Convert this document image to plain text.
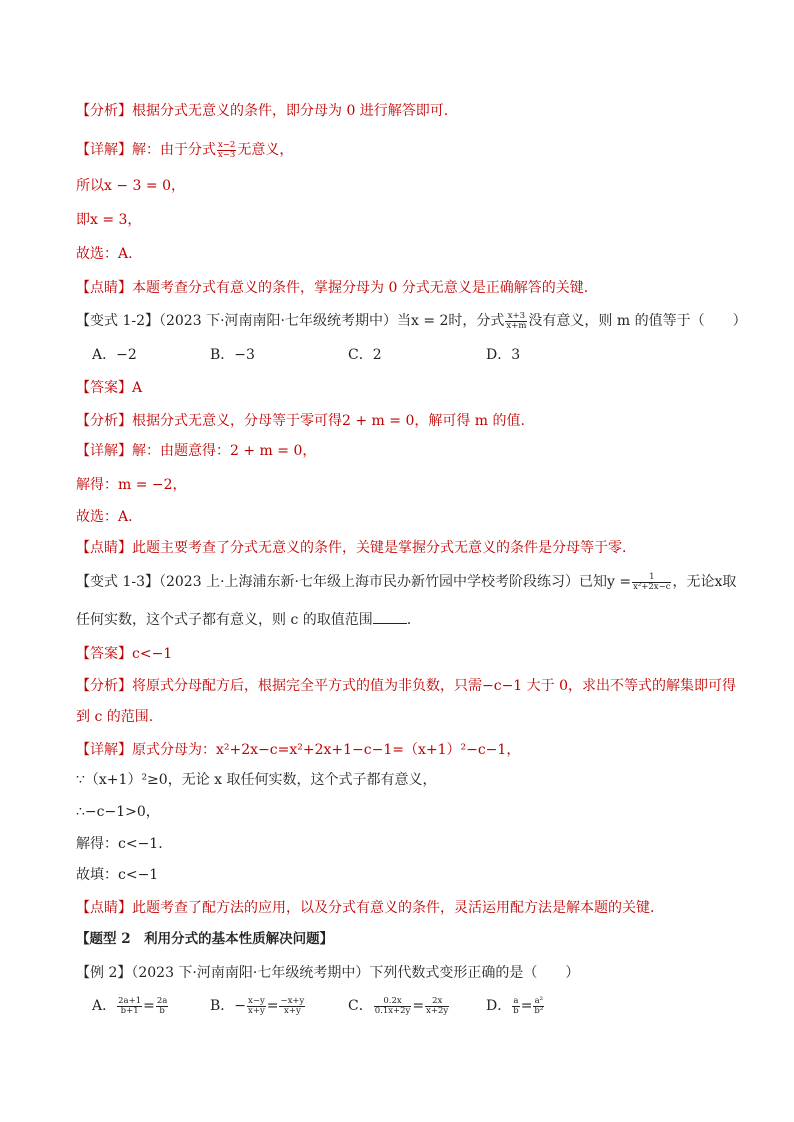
【分析】根据分式无意义的条件，即分母为 0 进行解答即可.
【详解】解：由于分式 $\frac{x-2}{x-3}$ 无意义，
所以x − 3 = 0，
即x = 3，
故选：A.
【点睛】本题考查分式有意义的条件，掌握分母为 0 分式无意义是正确解答的关键.
【变式 1-2】（2023 下·河南南阳·七年级统考期中）当x = 2时，分式 $\frac{x+3}{x+m}$ 没有意义，则 m 的值等于（　　）
A．−2	B．−3	C．2	D．3
【答案】A
【分析】根据分式无意义，分母等于零可得2 + m = 0，解可得 m 的值.
【详解】解：由题意得：2 + m = 0，
解得：m = −2，
故选：A.
【点睛】此题主要考查了分式无意义的条件，关键是掌握分式无意义的条件是分母等于零.
【变式 1-3】（2023 上·上海浦东新·七年级上海市民办新竹园中学校考阶段练习）已知$y = \frac{1}{\text{x²+2x−c}}$ ，无论x取
任何实数，这个式子都有意义，则 c 的取值范围 .
【答案】c<−1
【分析】将原式分母配方后，根据完全平方式的值为非负数，只需−c−1 大于 0，求出不等式的解集即可得
到 c 的范围.
【详解】原式分母为：x²+2x−c=x²+2x+1−c−1=（x+1）²−c−1，
∵（x+1）²≥0，无论 x 取任何实数，这个式子都有意义，
∴−c−1>0，
解得：c<−1.
故填：c<−1
【点睛】此题考查了配方法的应用，以及分式有意义的条件，灵活运用配方法是解本题的关键.
【题型 2　利用分式的基本性质解决问题】
【例 2】（2023 下·河南南阳·七年级统考期中）下列代数式变形正确的是（　　）
A． $\frac{2a+1}{b+1} = \frac{2a}{b}$	B．− $\frac{x-y}{x+y} = \frac{-x+y}{x+y}$	C． $\frac{0.2x}{0.1x+2y} = \frac{2x}{x+2y}$	D． $\frac{a}{b} = \frac{\text{a²}}{\text{b²}}$
